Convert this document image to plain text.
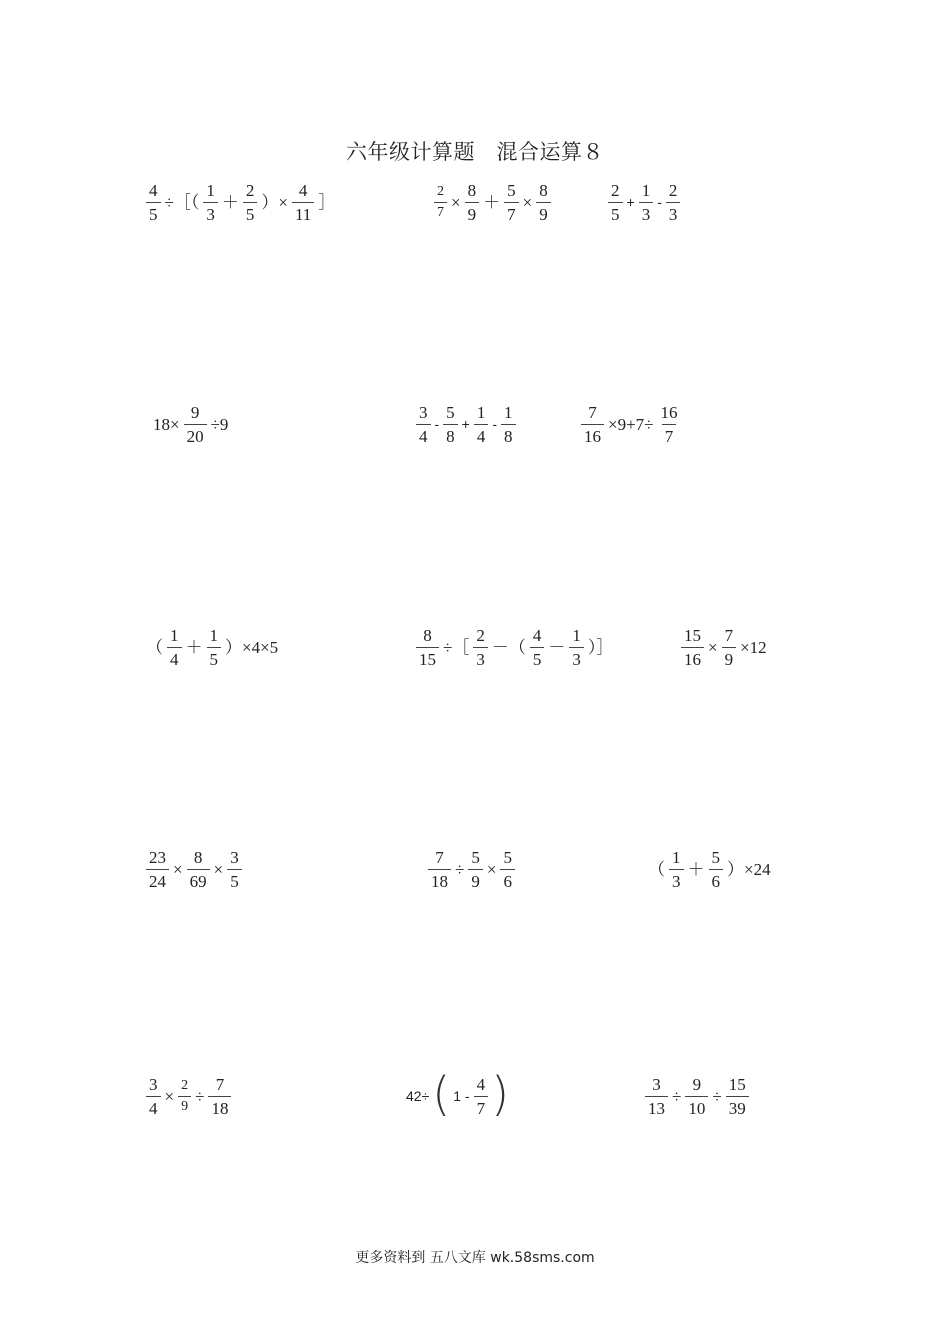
六年级计算题　混合运算８
$\frac{4}{5}$ ÷［（ $\frac{1}{3} + \frac{2}{5}$ ）× $\frac{4}{11}$ ］	$\frac{2}{7} \times \frac{8}{9} + \frac{5}{7} \times \frac{8}{9}$	$\frac{2}{5} + \frac{1}{3} - \frac{2}{3}$
$18\times \frac{9}{20} \div 9$	$\frac{3}{4} - \frac{5}{8} + \frac{1}{4} - \frac{1}{8}$	$\frac{7}{16} \times 9+7\div \frac{16}{7}$
（ $\frac{1}{4} + \frac{1}{5} )\times 4\times 5$	$\frac{8}{15}$ ÷［ $\frac{2}{3}$ －（ $\frac{4}{5} - \frac{1}{3}$ ）］	$\frac{15}{16} \times \frac{7}{9} \times 12$
$\frac{23}{24} \times \frac{8}{69} \times \frac{3}{5}$	$\frac{7}{18} \div \frac{5}{9} \times \frac{5}{6}$	（ $\frac{1}{3} + \frac{5}{6} )\times 24$
$\frac{3}{4} \times \frac{2}{9} \div \frac{7}{18}$	42÷ ( $1 - \frac{4}{7}$ )	$\frac{3}{13} \div \frac{9}{10} \div \frac{15}{39}$
更多资料到 五八文库 wk.58sms.com
